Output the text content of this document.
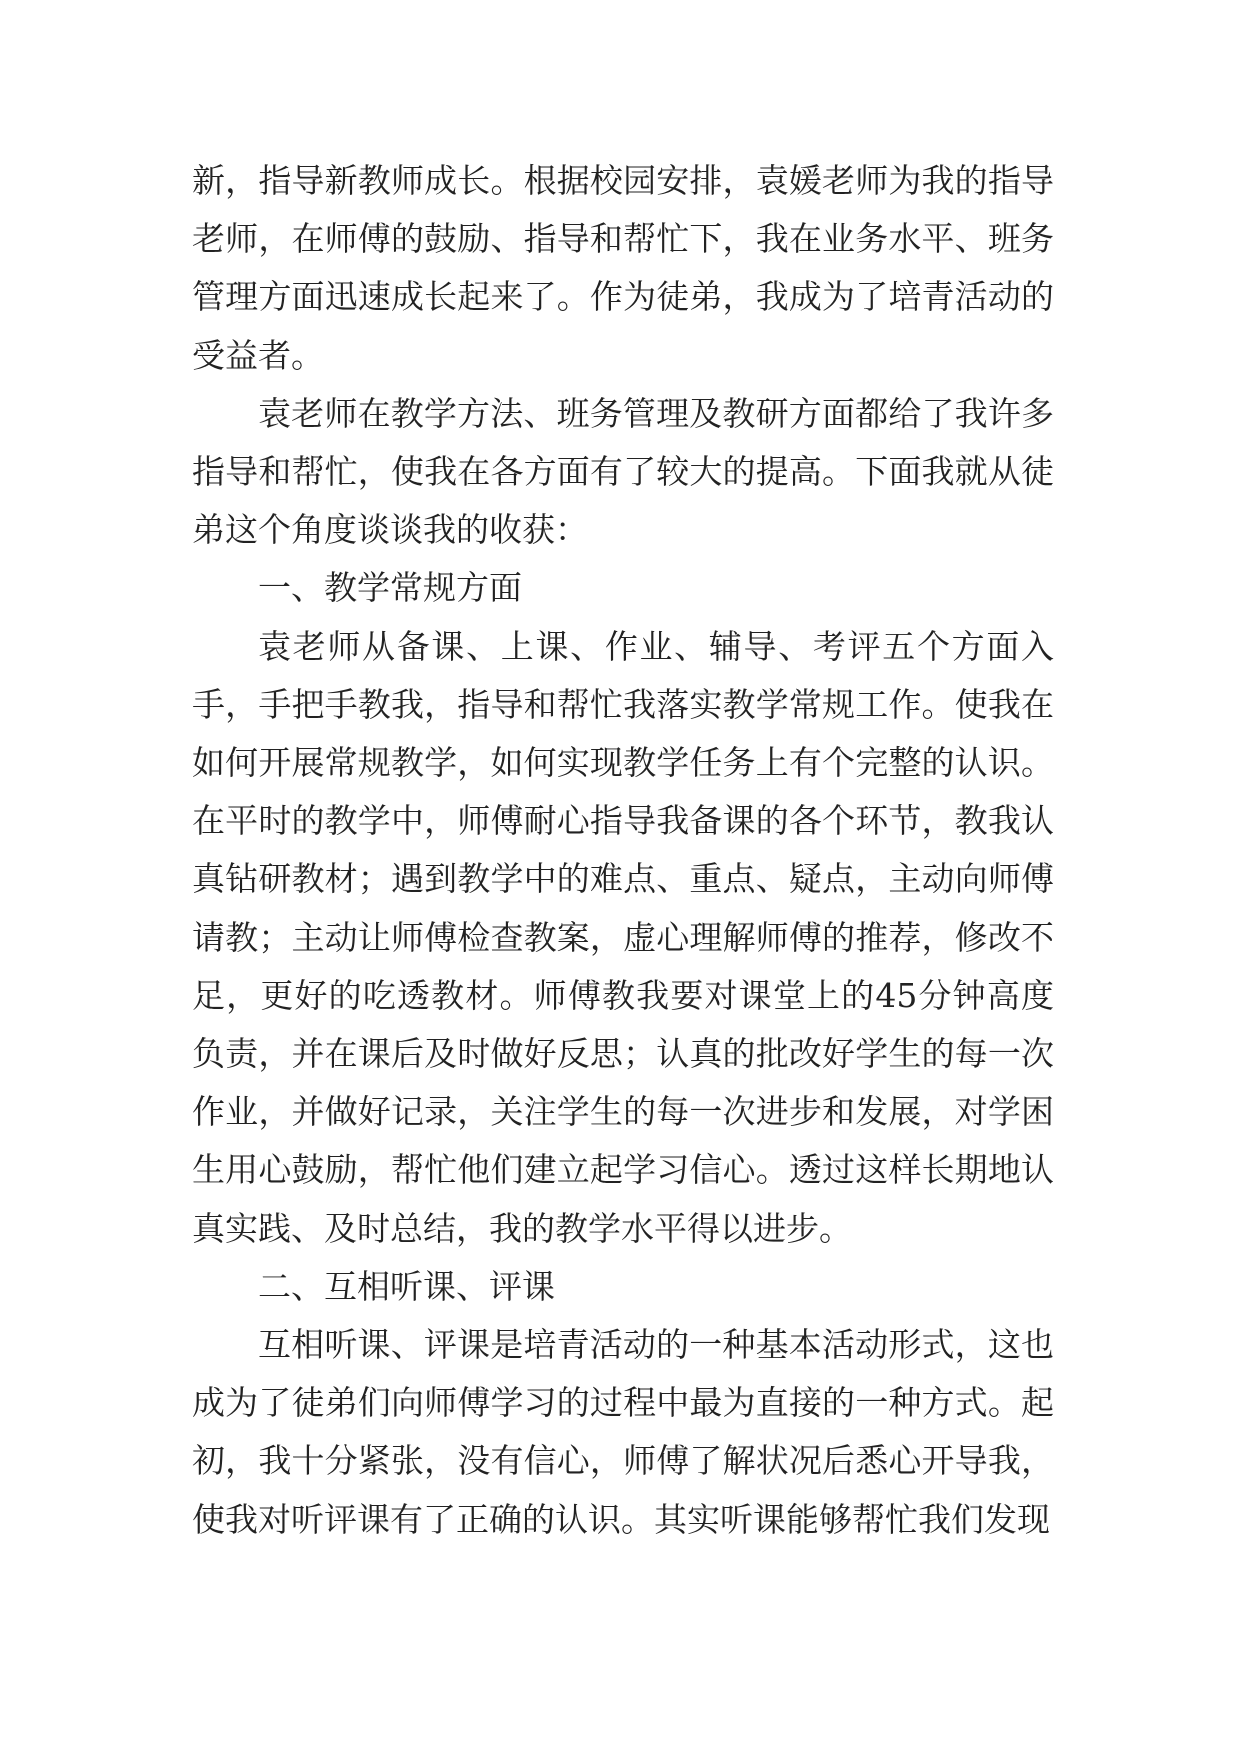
新，指导新教师成长。根据校园安排，袁媛老师为我的指导老师，在师傅的鼓励、指导和帮忙下，我在业务水平、班务管理方面迅速成长起来了。作为徒弟，我成为了培青活动的受益者。

袁老师在教学方法、班务管理及教研方面都给了我许多指导和帮忙，使我在各方面有了较大的提高。下面我就从徒弟这个角度谈谈我的收获：

一、教学常规方面

袁老师从备课、上课、作业、辅导、考评五个方面入手，手把手教我，指导和帮忙我落实教学常规工作。使我在如何开展常规教学，如何实现教学任务上有个完整的认识。在平时的教学中，师傅耐心指导我备课的各个环节，教我认真钻研教材；遇到教学中的难点、重点、疑点，主动向师傅请教；主动让师傅检查教案，虚心理解师傅的推荐，修改不足，更好的吃透教材。师傅教我要对课堂上的45分钟高度负责，并在课后及时做好反思；认真的批改好学生的每一次作业，并做好记录，关注学生的每一次进步和发展，对学困生用心鼓励，帮忙他们建立起学习信心。透过这样长期地认真实践、及时总结，我的教学水平得以进步。

二、互相听课、评课

互相听课、评课是培青活动的一种基本活动形式，这也成为了徒弟们向师傅学习的过程中最为直接的一种方式。起初，我十分紧张，没有信心，师傅了解状况后悉心开导我，使我对听评课有了正确的认识。其实听课能够帮忙我们发现
